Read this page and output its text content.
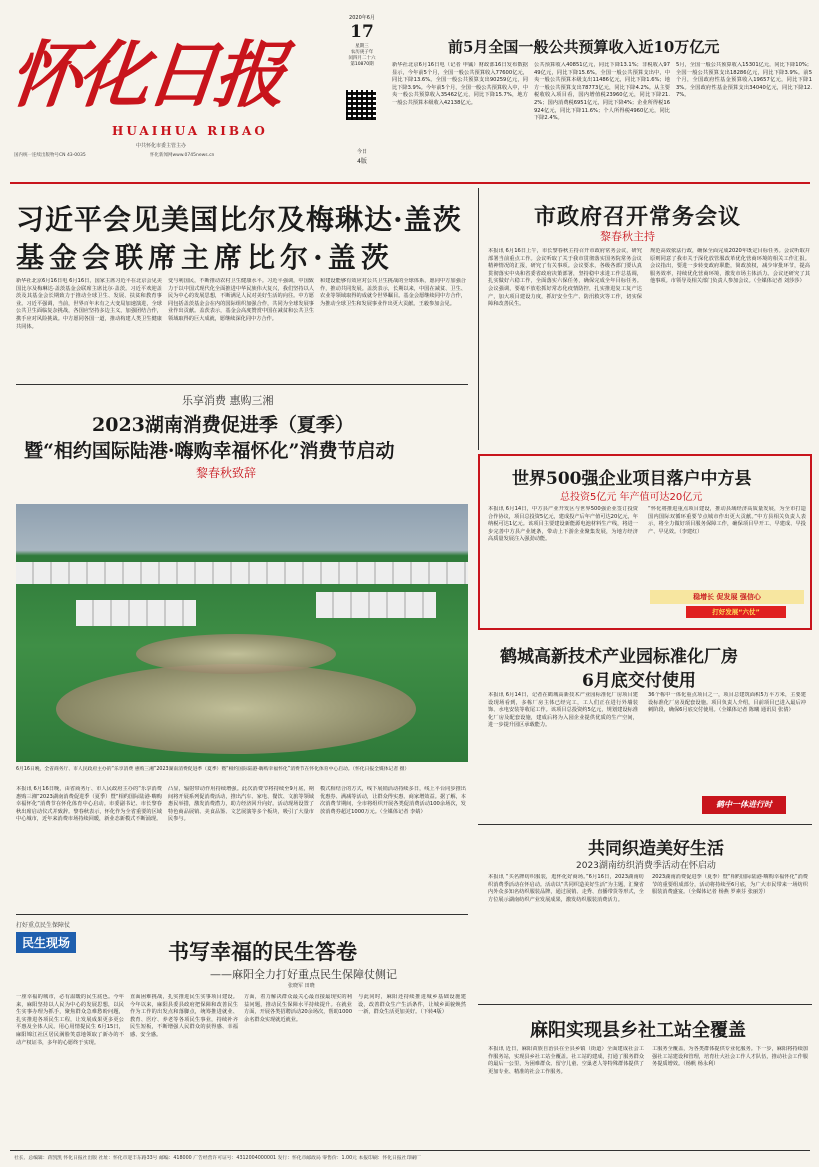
怀化日报
HUAIHUA RIBAO
中共怀化市委主管主办
国内统一连续出版物号CN 43-0035	怀化新闻网www.0745news.cn
2020年6月
17
星期三
农历庚子年
闰四月二十六
第10870期
今日
4版
前5月全国一般公共预算收入近10万亿元
新华社北京6月16日电（记者 申铖）财政部16日发布数据显示，今年前5个月，全国一般公共预算收入77600亿元，同比下降13.6%。全国一般公共预算支出90259亿元，同比下降3.9%。今年前5个月，全国一般公共预算收入中，中央一般公共预算收入35462亿元，同比下降15.7%，地方一般公共预算本级收入42138亿元。
公共预算收入40851亿元，同比下降13.1%；非税收入9749亿元，同比下降15.6%。全国一般公共预算支出中，中央一般公共预算本级支出11486亿元，同比下降1.6%；地方一般公共预算支出78773亿元，同比下降4.2%。从主要税收收入项目看，国内增值税23960亿元，同比下降21.2%；国内消费税6951亿元，同比下降4%；企业所得税16924亿元，同比下降11.6%；个人所得税4960亿元，同比下降2.4%。
5月，全国一般公共预算收入15301亿元，同比下降10%；全国一般公共预算支出18286亿元，同比下降3.9%。前5个月，全国政府性基金预算收入19657亿元，同比下降13%。全国政府性基金预算支出34040亿元，同比下降12.7%。
习近平会见美国比尔及梅琳达·盖茨
基金会联席主席比尔·盖茨
新华社北京6月16日电 6月16日，国家主席习近平在北京会见美国比尔及梅琳达·盖茨基金会联席主席比尔·盖茨。习近平欢迎盖茨及其基金会长期致力于推动全球卫生、发展、扶贫和教育事业。习近平强调，当前，世界百年未有之大变局加速演进，全球公共卫生面临复杂挑战，各国应坚持多边主义，加强团结合作，携手应对风险挑战。中方愿同各国一道，推动构建人类卫生健康共同体。
变与利国民，不断推动农村卫生健康水平。习近平强调，中国致力于以中国式现代化全面推进中华民族伟大复兴，我们坚持以人民为中心的发展思想，不断满足人民对美好生活的向往。中方愿同包括盖茨基金会在内的国际组织加强合作，共同为全球发展事业作出贡献。盖茨表示，基金会高度赞赏中国在减贫和公共卫生领域取得的巨大成就，愿继续深化同中方合作。
和建设能够有效应对公共卫生挑战的全球体系，愿同中方加强合作，推动共同发展。盖茨表示，长期以来，中国在减贫、卫生、农业等领域取得的成就令世界瞩目。基金会愿继续同中方合作，为推动全球卫生和发展事业作出更大贡献。王毅参加会见。
市政府召开常务会议
黎春秋主持
本报讯 6月16日上午，市长黎春秋主持召开市政府常务会议，研究部署当前重点工作。会议听取了关于我市贯彻落实国务院常务会议精神情况的汇报，研究了有关事项。会议要求，各级各部门要认真贯彻落实中央和省委省政府决策部署，坚持稳中求进工作总基调，扎实做好六稳工作，全面落实六保任务，确保完成全年目标任务。会议强调，要毫不放松抓好常态化疫情防控，扎实推进复工复产达产，加大项目建设力度，抓好安全生产、防汛救灾等工作，切实保障和改善民生。
规范高效依法行政，确保全面完成2020年既定目标任务。会议听取并原则同意了我市关于深化放管服改革优化营商环境的相关工作汇报。会议指出，要进一步转变政府职能，简政放权，减少审批环节，提高服务效率，持续优化营商环境，激发市场主体活力。会议还研究了其他事项。市领导及相关部门负责人参加会议。（全媒体记者 刘莎莎）
乐享消费 惠购三湘
2023湖南消费促进季（夏季）
暨“相约国际陆港·嗨购幸福怀化”消费节启动
黎春秋致辞
6月16日晚，全省商务厅、市人民政府主办的“乐享消费 惠购三湘”2023湖南消费促进季（夏季）暨“相约国际陆港·嗨购幸福怀化”消费节在怀化体育中心启动。（怀化日报全媒体记者 摄）
本报讯 6月16日晚，由省商务厅、市人民政府主办的“乐享消费 惠购三湘”2023湖南消费促进季（夏季）暨“相约国际陆港·嗨购幸福怀化”消费节在怀化体育中心启动。市委副书记、市长黎春秋出席启动仪式并致辞。黎春秋表示，怀化作为全省重要的区域中心城市，近年来消费市场持续回暖，新业态新模式不断涌现。
凸显，辐射带动作用持续增强。此次消费节将持续至9月底，期间将开展系列促消费活动，推出汽车、家电、餐饮、文旅等领域惠民举措，激发消费潜力，助力经济回升向好。活动现场设置了特色商品展销、美食品鉴、文艺展演等多个板块，吸引了大量市民参与。
模式相结合的方式，线下展销活动持续多日，线上平台同步推出优惠券、满减等活动，让群众得实惠、商家增效益。据了解，本次消费节期间，全市将组织开展各类促消费活动100余场次，发放消费券超过1000万元。（全媒体记者 李婧）
世界500强企业项目落户中方县
总投资5亿元 年产值可达20亿元
本报讯 6月14日，中方县产业开发区与世界500强企业签订投资合作协议，项目总投资5亿元，建成投产后年产值可达20亿元，年纳税可达1亿元。该项目主要建设新能源电池材料生产线，将进一步完善中方县产业链条，带动上下游企业聚集发展，为地方经济高质量发展注入强劲动能。
“怀化将推进重点项目建设，推动县域经济高质量发展，为全市打造国内国际双循环重要节点城市作出更大贡献。”中方县相关负责人表示，将全力做好项目服务保障工作，确保项目早开工、早建成、早投产、早见效。（李建红）
稳增长 促发展 强信心
打好发展“六仗”
鹤城高新技术产业园标准化厂房
6月底交付使用
本报讯 6月14日，记者在鹤城高新技术产业园标准化厂房项目建设现场看到，多栋厂房主体已经完工，工人们正在进行外墙装饰、水电安装等收尾工作。该项目总投资约5亿元，规划建设标准化厂房及配套设施，建成后将为入园企业提供优质的生产空间，进一步提升园区承载能力。
36个栋中一体化重点项目之一，项目总建筑面积5万平方米，主要建设标准化厂房及配套设施。项目负责人介绍，目前项目已进入最后冲刺阶段，确保6月底交付使用。（全媒体记者 陈曦 通讯员 张倩）
鹤中一体进行时
共同织造美好生活
2023湖南纺织消费季活动在怀启动
本报讯 “买名牌纺织服装，逛怀化好商场。”6月16日，2023湖南纺织消费季活动在怀启动。活动以“共同织造美好生活”为主题，汇聚省内外众多知名纺织服装品牌，通过展销、走秀、直播带货等形式，全方位展示湖南纺织产业发展成果，激发纺织服装消费活力。
2023湖南消费促进季（夏季）暨“相约国际陆港·嗨购幸福怀化”消费节的重要组成部分，活动将持续至6月底，为广大市民带来一场纺织服装消费盛宴。（全媒体记者 杨燕 罗素芬 张丽芳）
打好重点民生保障仗
民生现场	书写幸福的民生答卷
——麻阳全力打好重点民生保障仗侧记
张晓军 田晓
一座幸福的城市，必有温暖的民生底色。今年来，麻阳坚持以人民为中心的发展思想，以民生实事办理为抓手，聚焦群众急难愁盼问题，扎实推进各项民生工程，让发展成果更多更公平惠及全体人民。用心用情提民生 6月15日，麻阳锦江社区居民满脸笑意地领取了新办的不动产权证书，多年的心愿终于实现。
直面困难挑战，扎实推进民生实事项目建设。今年以来，麻阳县委县政府把保障和改善民生作为工作的出发点和落脚点，统筹推进就业、教育、医疗、养老等各项民生事业，持续补齐民生短板，不断增强人民群众的获得感、幸福感、安全感。
方面，着力解决群众最关心最直接最现实的利益问题，推动民生保障水平持续提升。在就业方面，开展各类招聘活动20余场次，帮助1000余名群众实现就近就业。
与此同时，麻阳还持续推进城乡基础设施建设，改善群众生产生活条件，让城乡面貌焕然一新，群众生活更加美好。（下转4版）
麻阳实现县乡社工站全覆盖
本报讯 近日，麻阳苗族自治县在全县乡镇（街道）全面建成社会工作服务站，实现县乡社工站全覆盖。社工站的建成，打通了服务群众的最后一公里，为困难群众、留守儿童、空巢老人等特殊群体提供了更加专业、精准的社会工作服务。
工服务全覆盖，为各类群体提供专业化服务。下一步，麻阳将持续加强社工站建设和管理，培育壮大社会工作人才队伍，推动社会工作服务提质增效。（杨帆 杨永利）
社长、总编辑：蒋凯凯 怀化日报社出版 社址：怀化市迎丰东路33号 邮编：418000 广告经营许可证号：4312004000001 发行：怀化市邮政局 零售价：1.00元 本报印刷：怀化日报社印刷厂
